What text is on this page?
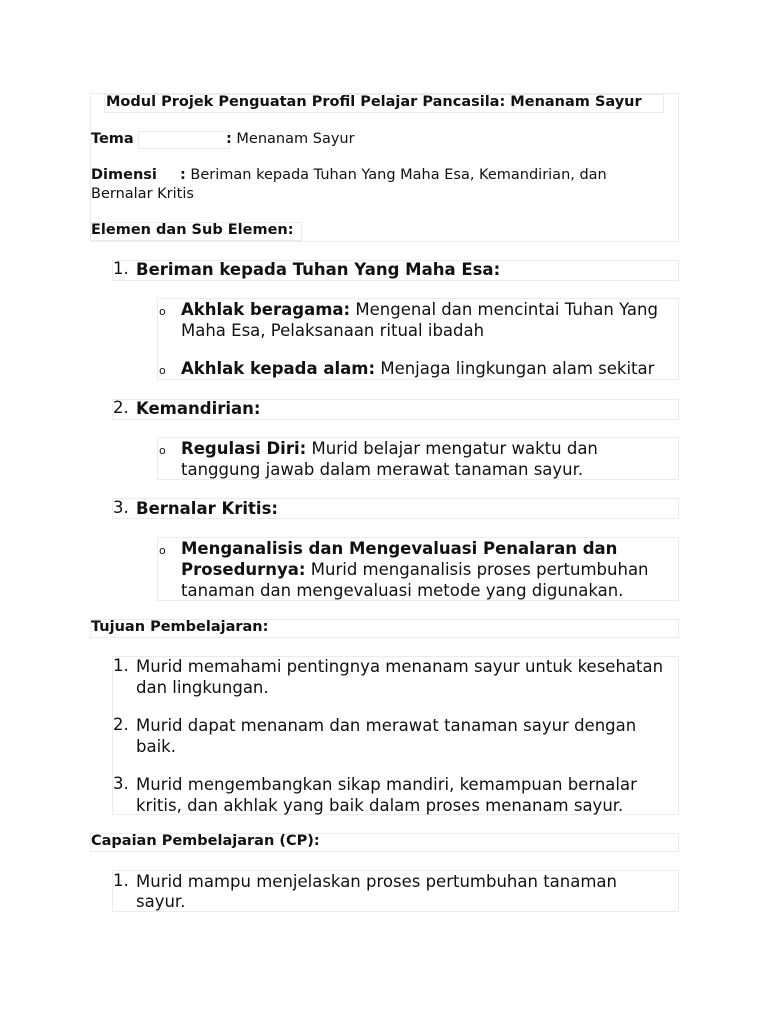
Modul Projek Penguatan Profil Pelajar Pancasila: Menanam Sayur
Tema	: Menanam Sayur
Dimensi : Beriman kepada Tuhan Yang Maha Esa, Kemandirian, dan
Bernalar Kritis
Elemen dan Sub Elemen:
1. Beriman kepada Tuhan Yang Maha Esa:
o Akhlak beragama: Mengenal dan mencintai Tuhan Yang
Maha Esa, Pelaksanaan ritual ibadah
o Akhlak kepada alam: Menjaga lingkungan alam sekitar
2. Kemandirian:
o Regulasi Diri: Murid belajar mengatur waktu dan
tanggung jawab dalam merawat tanaman sayur.
3. Bernalar Kritis:
o Menganalisis dan Mengevaluasi Penalaran dan
Prosedurnya: Murid menganalisis proses pertumbuhan
tanaman dan mengevaluasi metode yang digunakan.
Tujuan Pembelajaran:
1. Murid memahami pentingnya menanam sayur untuk kesehatan
dan lingkungan.
2. Murid dapat menanam dan merawat tanaman sayur dengan
baik.
3. Murid mengembangkan sikap mandiri, kemampuan bernalar
kritis, dan akhlak yang baik dalam proses menanam sayur.
Capaian Pembelajaran (CP):
1. Murid mampu menjelaskan proses pertumbuhan tanaman
sayur.
